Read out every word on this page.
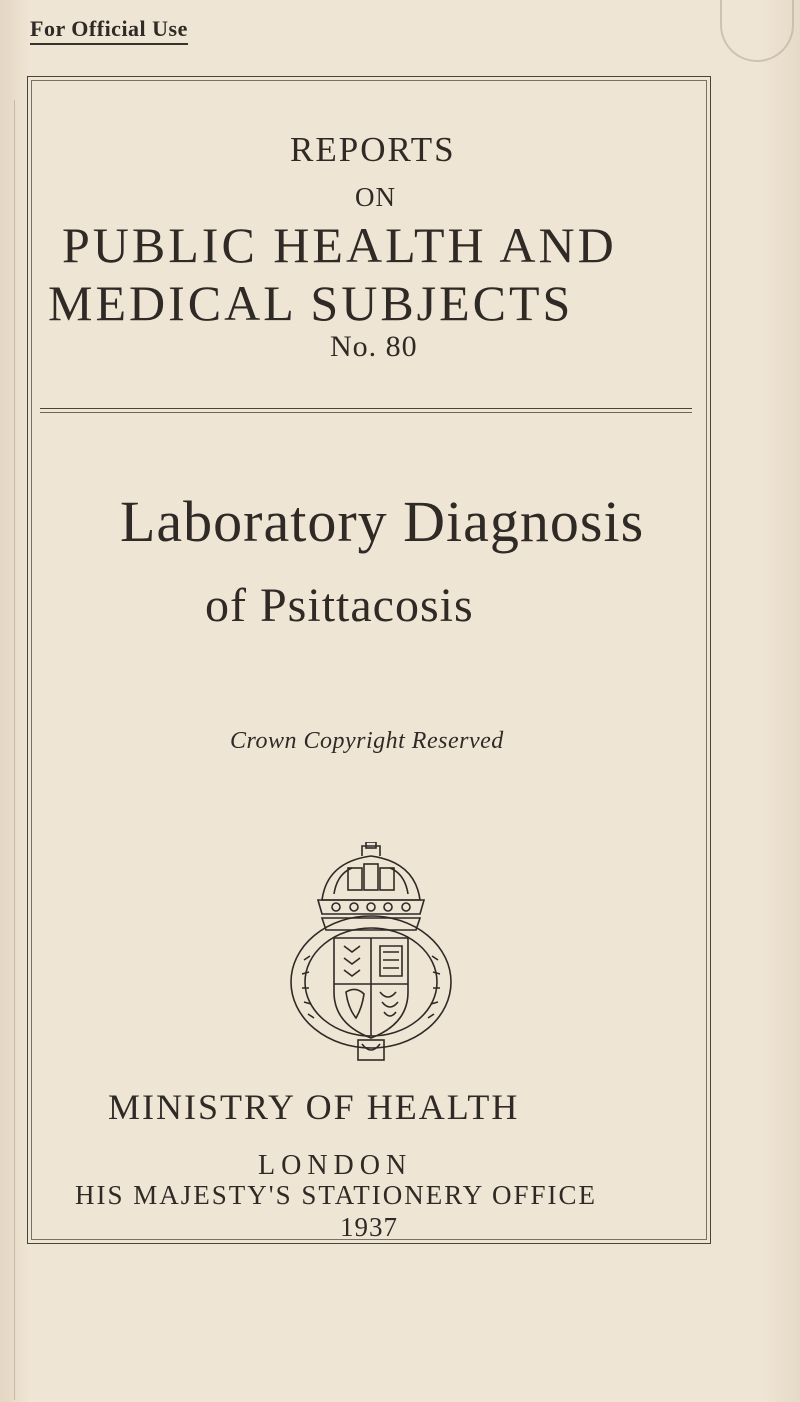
For Official Use
REPORTS
ON
PUBLIC HEALTH AND
MEDICAL SUBJECTS
No. 80
Laboratory Diagnosis
of Psittacosis
Crown Copyright Reserved
MINISTRY OF HEALTH
LONDON
HIS MAJESTY'S STATIONERY OFFICE
1937
